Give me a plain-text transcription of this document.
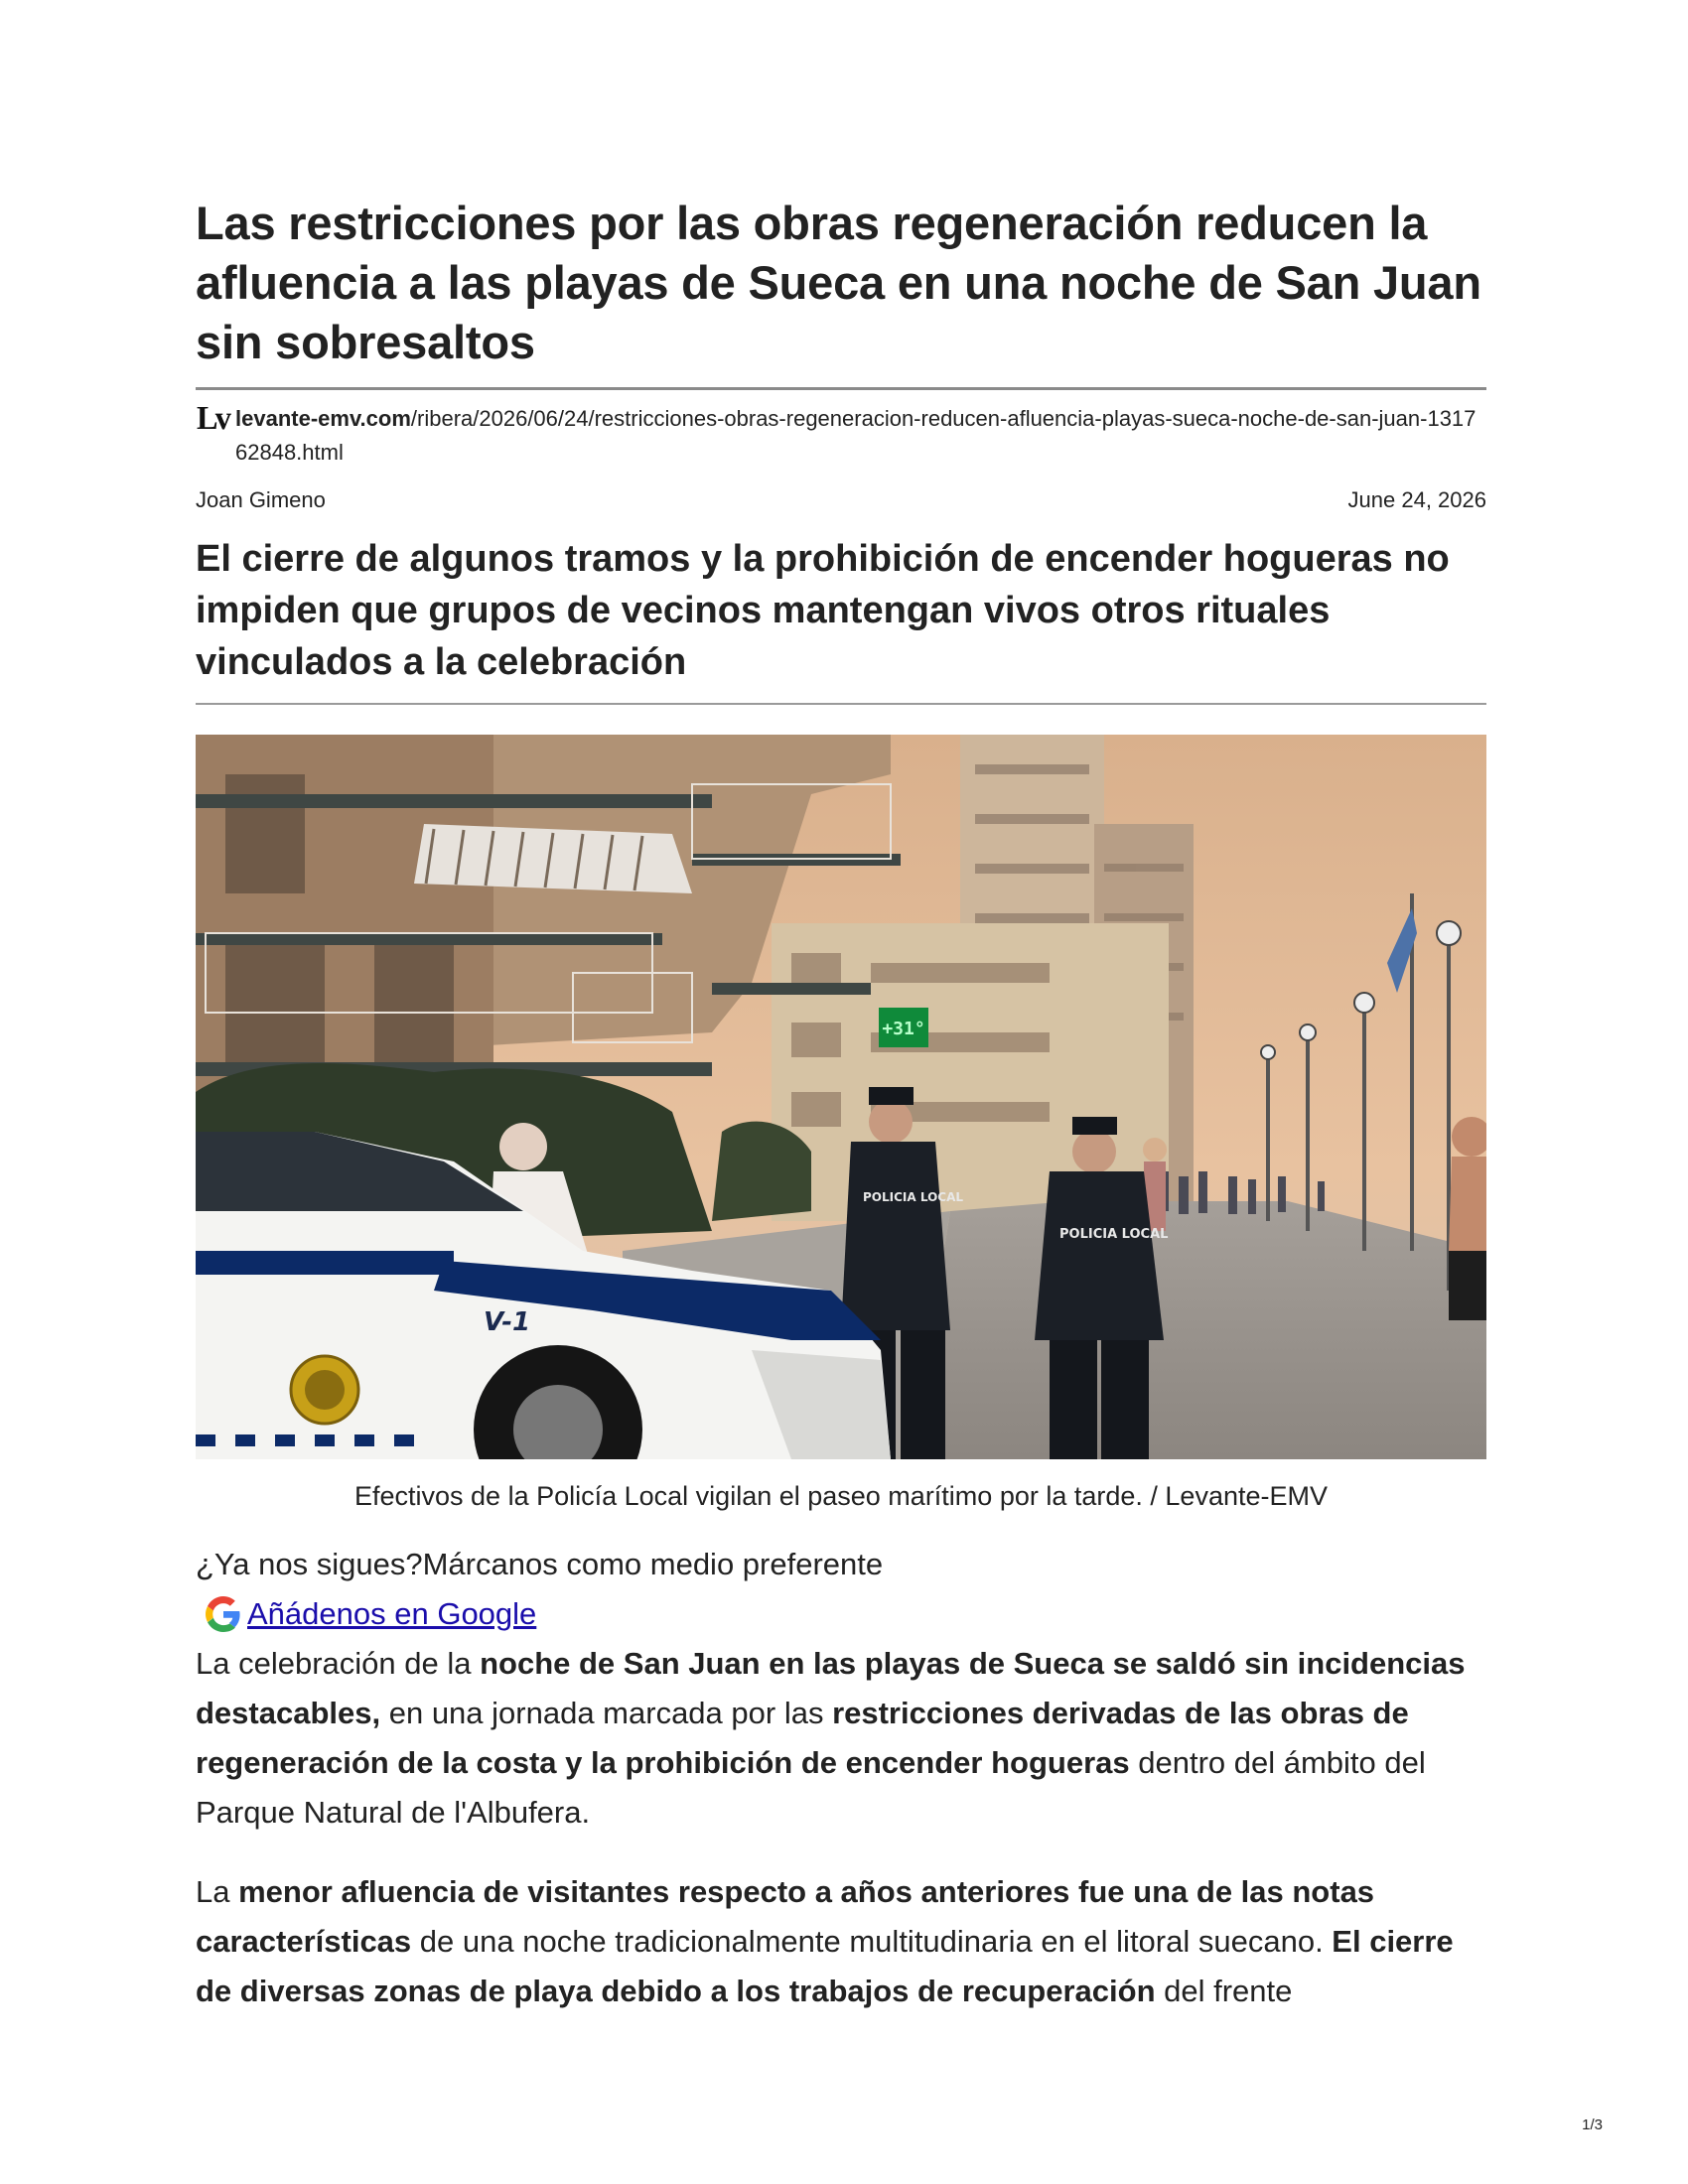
Las restricciones por las obras regeneración reducen la afluencia a las playas de Sueca en una noche de San Juan sin sobresaltos
Lv levante-emv.com/ribera/2026/06/24/restricciones-obras-regeneracion-reducen-afluencia-playas-sueca-noche-de-san-juan-131762848.html
Joan Gimeno	June 24, 2026
El cierre de algunos tramos y la prohibición de encender hogueras no impiden que grupos de vecinos mantengan vivos otros rituales vinculados a la celebración
+31°
POLICIA LOCAL
POLICIA LOCAL
V-1
Efectivos de la Policía Local vigilan el paseo marítimo por la tarde. / Levante-EMV
¿Ya nos sigues?Márcanos como medio preferente
Añádenos en Google

La celebración de la noche de San Juan en las playas de Sueca se saldó sin incidencias destacables, en una jornada marcada por las restricciones derivadas de las obras de regeneración de la costa y la prohibición de encender hogueras dentro del ámbito del Parque Natural de l'Albufera.

La menor afluencia de visitantes respecto a años anteriores fue una de las notas características de una noche tradicionalmente multitudinaria en el litoral suecano. El cierre de diversas zonas de playa debido a los trabajos de recuperación del frente

1/3
